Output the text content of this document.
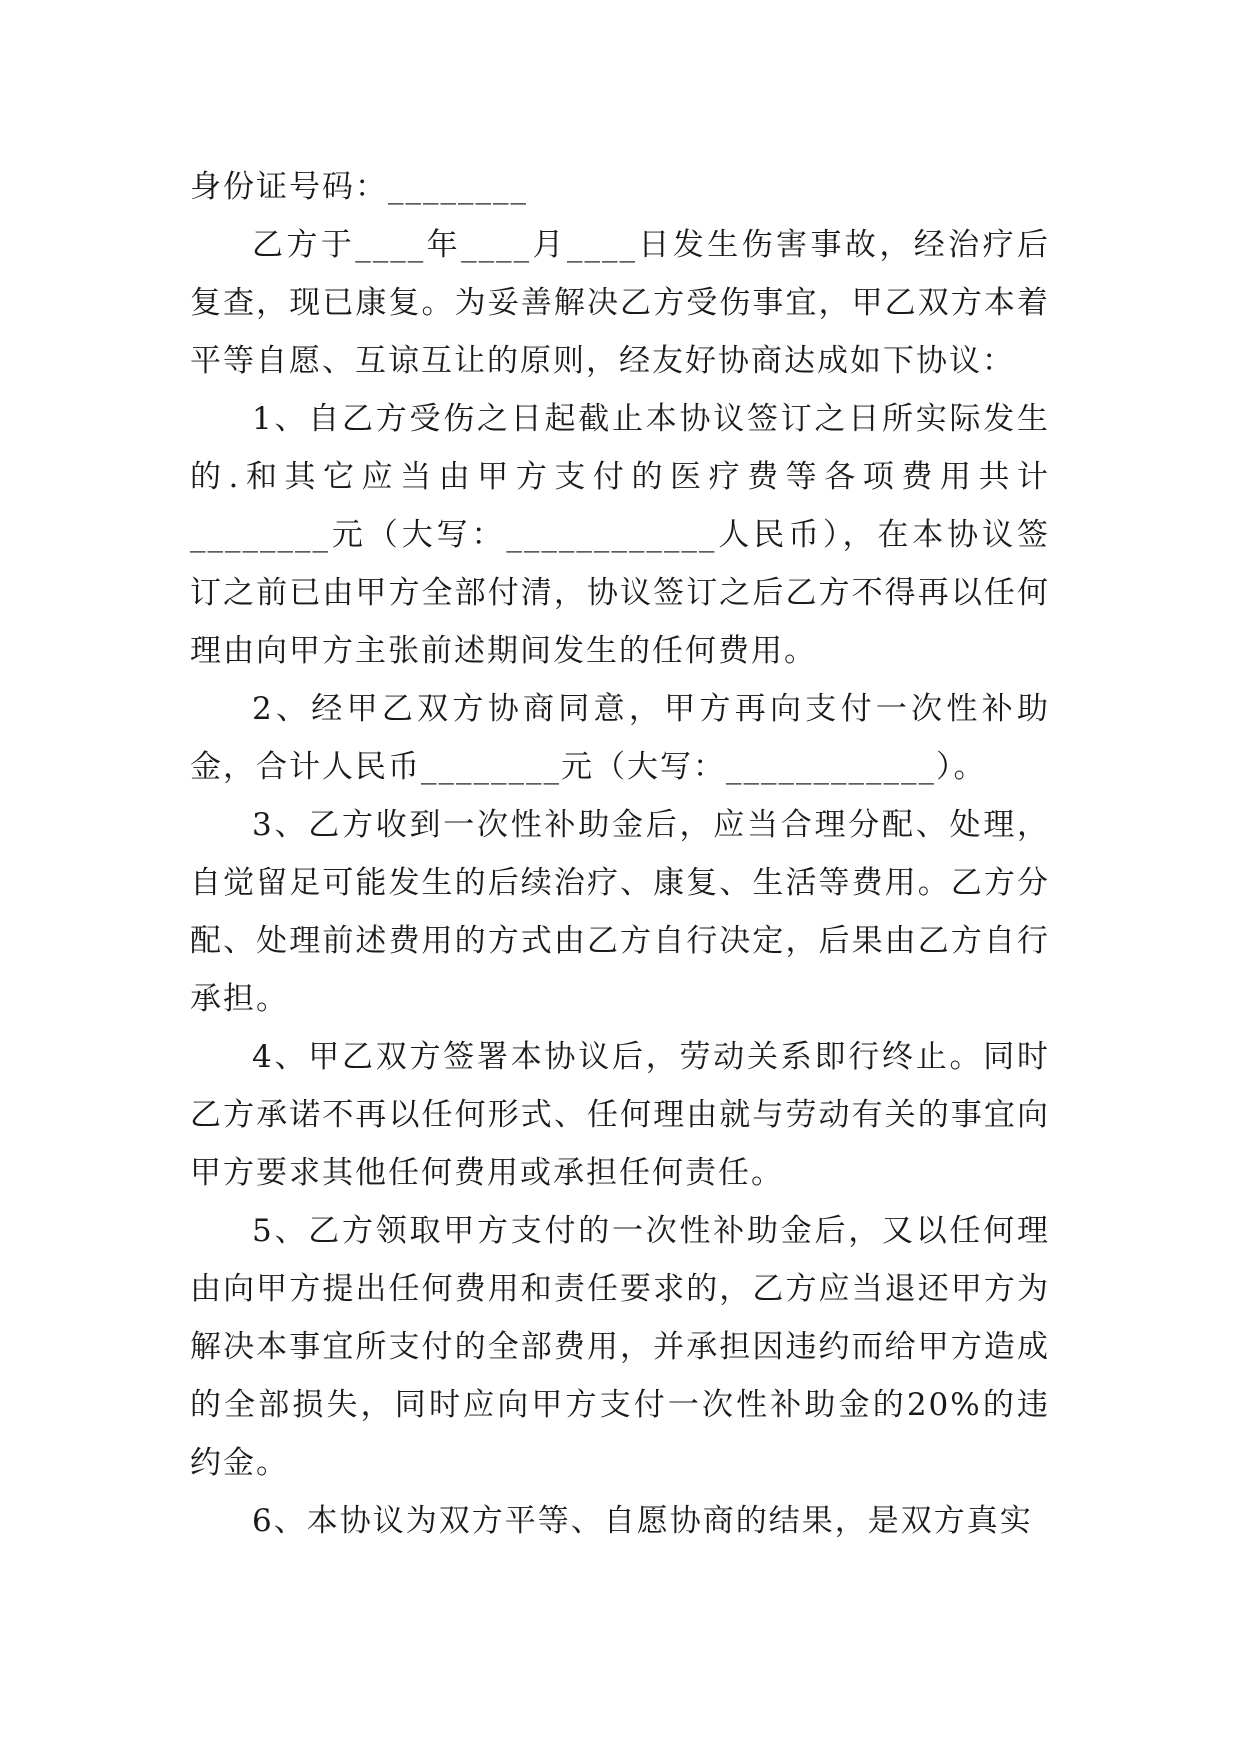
身份证号码：________

乙方于____年____月____日发生伤害事故，经治疗后复查，现已康复。为妥善解决乙方受伤事宜，甲乙双方本着平等自愿、互谅互让的原则，经友好协商达成如下协议：

1、自乙方受伤之日起截止本协议签订之日所实际发生的.和其它应当由甲方支付的医疗费等各项费用共计________元（大写：____________人民币），在本协议签订之前已由甲方全部付清，协议签订之后乙方不得再以任何理由向甲方主张前述期间发生的任何费用。

2、经甲乙双方协商同意，甲方再向支付一次性补助金，合计人民币________元（大写：____________）。

3、乙方收到一次性补助金后，应当合理分配、处理，自觉留足可能发生的后续治疗、康复、生活等费用。乙方分配、处理前述费用的方式由乙方自行决定，后果由乙方自行承担。

4、甲乙双方签署本协议后，劳动关系即行终止。同时乙方承诺不再以任何形式、任何理由就与劳动有关的事宜向甲方要求其他任何费用或承担任何责任。

5、乙方领取甲方支付的一次性补助金后，又以任何理由向甲方提出任何费用和责任要求的，乙方应当退还甲方为解决本事宜所支付的全部费用，并承担因违约而给甲方造成的全部损失，同时应向甲方支付一次性补助金的20%的违约金。

6、本协议为双方平等、自愿协商的结果，是双方真实
